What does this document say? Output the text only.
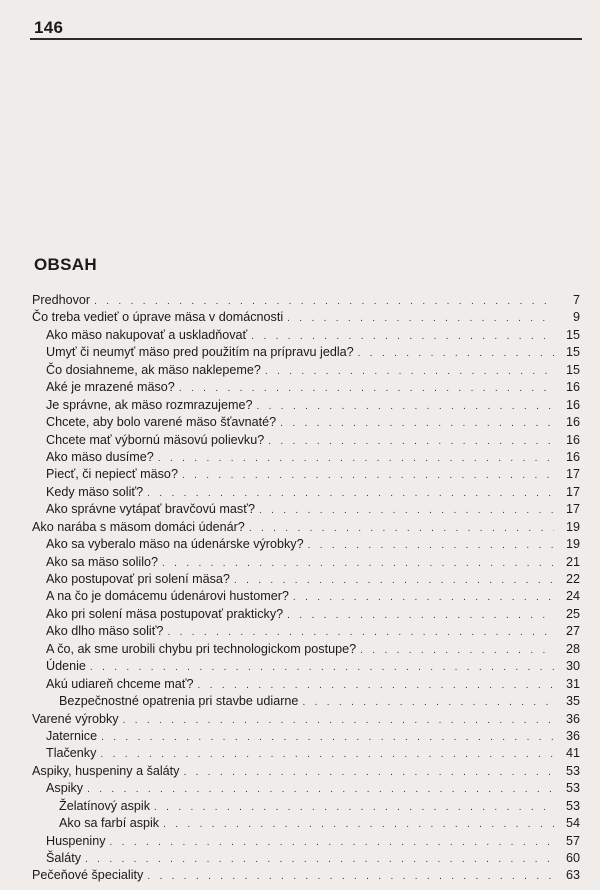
146
OBSAH
Predhovor . . .	7
Čo treba vedieť o úprave mäsa v domácnosti . . .	9
Ako mäso nakupovať a uskladňovať . . .	15
Umyť či neumyť mäso pred použitím na prípravu jedla? . . .	15
Čo dosiahneme, ak mäso naklepeme? . . .	15
Aké je mrazené mäso? . . .	16
Je správne, ak mäso rozmrazujeme? . . .	16
Chcete, aby bolo varené mäso šťavnaté? . . .	16
Chcete mať výbornú mäsovú polievku? . . .	16
Ako mäso dusíme? . . .	16
Piecť, či nepiecť mäso? . . .	17
Kedy mäso soliť? . . .	17
Ako správne vytápať bravčovú masť? . . .	17
Ako narába s mäsom domáci údenár? . . .	19
Ako sa vyberalo mäso na údenárske výrobky? . . .	19
Ako sa mäso solilo? . . .	21
Ako postupovať pri solení mäsa? . . .	22
A na čo je domácemu údenárovi hustomer? . . .	24
Ako pri solení mäsa postupovať prakticky? . . .	25
Ako dlho mäso soliť? . . .	27
A čo, ak sme urobili chybu pri technologickom postupe? . . .	28
Údenie . . .	30
Akú udiareň chceme mať? . . .	31
Bezpečnostné opatrenia pri stavbe udiarne . . .	35
Varené výrobky . . .	36
Jaternice . . .	36
Tlačenky . . .	41
Aspiky, huspeniny a šaláty . . .	53
Aspiky . . .	53
Želatínový aspik . . .	53
Ako sa farbí aspik . . .	54
Huspeniny . . .	57
Šaláty . . .	60
Pečeňové špeciality . . .	63
